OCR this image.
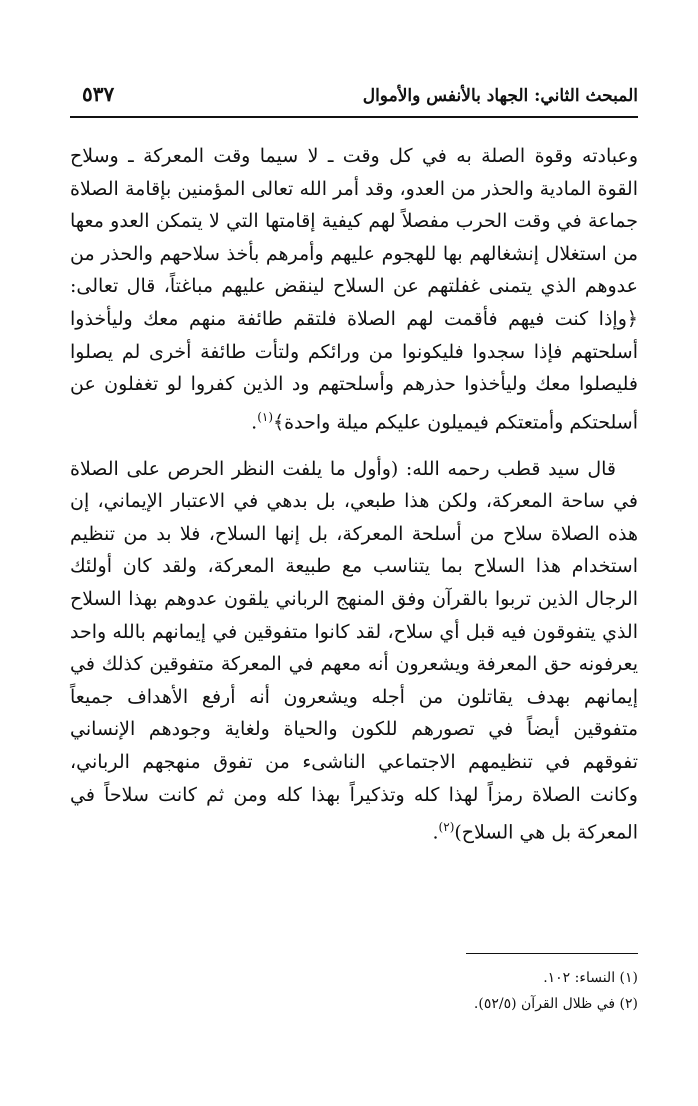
المبحث الثاني: الجهاد بالأنفس والأموال
٥٣٧

وعبادته وقوة الصلة به في كل وقت ـ لا سيما وقت المعركة ـ وسلاح القوة المادية والحذر من العدو، وقد أمر الله تعالى المؤمنين بإقامة الصلاة جماعة في وقت الحرب مفصلاً لهم كيفية إقامتها التي لا يتمكن العدو معها من استغلال إنشغالهم بها للهجوم عليهم وأمرهم بأخذ سلاحهم والحذر من عدوهم الذي يتمنى غفلتهم عن السلاح لينقض عليهم مباغتاً، قال تعالى: ﴿وإذا كنت فيهم فأقمت لهم الصلاة فلتقم طائفة منهم معك وليأخذوا أسلحتهم فإذا سجدوا فليكونوا من ورائكم ولتأت طائفة أخرى لم يصلوا فليصلوا معك وليأخذوا حذرهم وأسلحتهم ود الذين كفروا لو تغفلون عن أسلحتكم وأمتعتكم فيميلون عليكم ميلة واحدة﴾$^{(١)}$.

قال سيد قطب رحمه الله: (وأول ما يلفت النظر الحرص على الصلاة في ساحة المعركة، ولكن هذا طبعي، بل بدهي في الاعتبار الإيماني، إن هذه الصلاة سلاح من أسلحة المعركة، بل إنها السلاح، فلا بد من تنظيم استخدام هذا السلاح بما يتناسب مع طبيعة المعركة، ولقد كان أولئك الرجال الذين تربوا بالقرآن وفق المنهج الرباني يلقون عدوهم بهذا السلاح الذي يتفوقون فيه قبل أي سلاح، لقد كانوا متفوقين في إيمانهم بالله واحد يعرفونه حق المعرفة ويشعرون أنه معهم في المعركة متفوقين كذلك في إيمانهم بهدف يقاتلون من أجله ويشعرون أنه أرفع الأهداف جميعاً متفوقين أيضاً في تصورهم للكون والحياة ولغاية وجودهم الإنساني تفوقهم في تنظيمهم الاجتماعي الناشىء من تفوق منهجهم الرباني، وكانت الصلاة رمزاً لهذا كله وتذكيراً بهذا كله ومن ثم كانت سلاحاً في المعركة بل هي السلاح)$^{(٢)}$.

(١) النساء: ١٠٢.
(٢) في ظلال القرآن (٥٢/٥).
